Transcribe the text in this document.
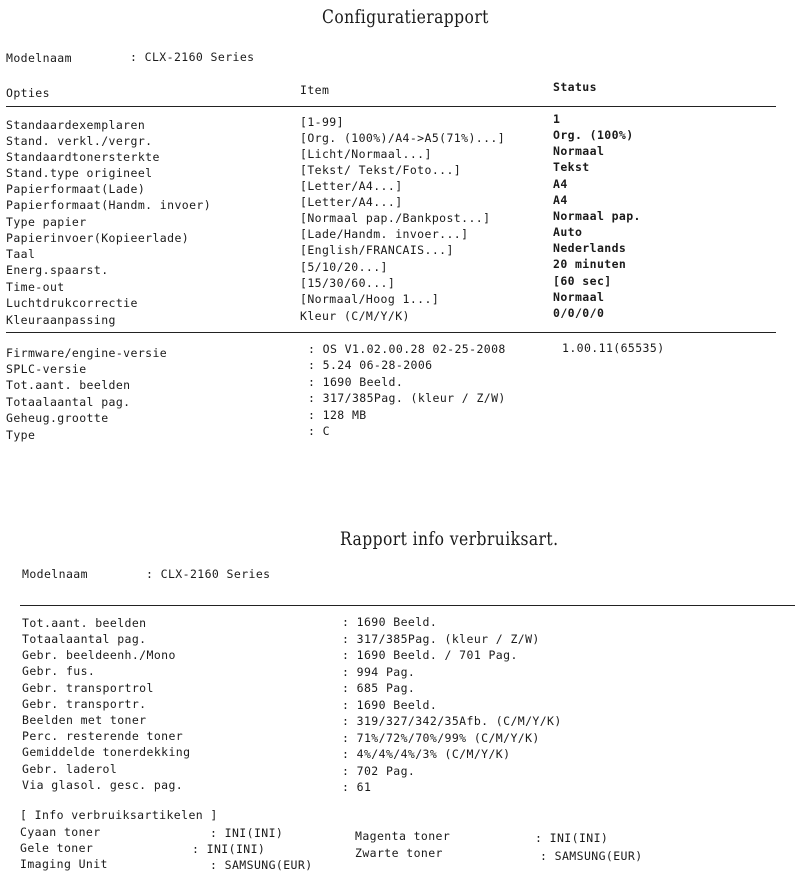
Configuratierapport
Modelnaam	: CLX-2160 Series
Opties	Item	Status
Standaardexemplaren	[1-99]	1
Stand. verkl./vergr.	[Org. (100%)/A4->A5(71%)...]	Org. (100%)
Standaardtonersterkte	[Licht/Normaal...]	Normaal
Stand.type origineel	[Tekst/ Tekst/Foto...]	Tekst
Papierformaat(Lade)	[Letter/A4...]	A4
Papierformaat(Handm. invoer)	[Letter/A4...]	A4
Type papier	[Normaal pap./Bankpost...]	Normaal pap.
Papierinvoer(Kopieerlade)	[Lade/Handm. invoer...]	Auto
Taal	[English/FRANCAIS...]	Nederlands
Energ.spaarst.	[5/10/20...]	20 minuten
Time-out	[15/30/60...]	[60 sec]
Luchtdrukcorrectie	[Normaal/Hoog 1...]	Normaal
Kleuraanpassing	Kleur (C/M/Y/K)	0/0/0/0
Firmware/engine-versie	: OS V1.02.00.28 02-25-2008	1.00.11(65535)
SPLC-versie	: 5.24 06-28-2006
Tot.aant. beelden	: 1690 Beeld.
Totaalaantal pag.	: 317/385Pag. (kleur / Z/W)
Geheug.grootte	: 128 MB
Type	: C
Rapport info verbruiksart.
Modelnaam	: CLX-2160 Series
Tot.aant. beelden	: 1690 Beeld.
Totaalaantal pag.	: 317/385Pag. (kleur / Z/W)
Gebr. beeldeenh./Mono	: 1690 Beeld. / 701 Pag.
Gebr. fus.	: 994 Pag.
Gebr. transportrol	: 685 Pag.
Gebr. transportr.	: 1690 Beeld.
Beelden met toner	: 319/327/342/35Afb. (C/M/Y/K)
Perc. resterende toner	: 71%/72%/70%/99% (C/M/Y/K)
Gemiddelde tonerdekking	: 4%/4%/4%/3% (C/M/Y/K)
Gebr. laderol	: 702 Pag.
Via glasol. gesc. pag.	: 61
[ Info verbruiksartikelen ]
Cyaan toner	: INI(INI)	Magenta toner	: INI(INI)
Gele toner	: INI(INI)	Zwarte toner	: SAMSUNG(EUR)
Imaging Unit	: SAMSUNG(EUR)
